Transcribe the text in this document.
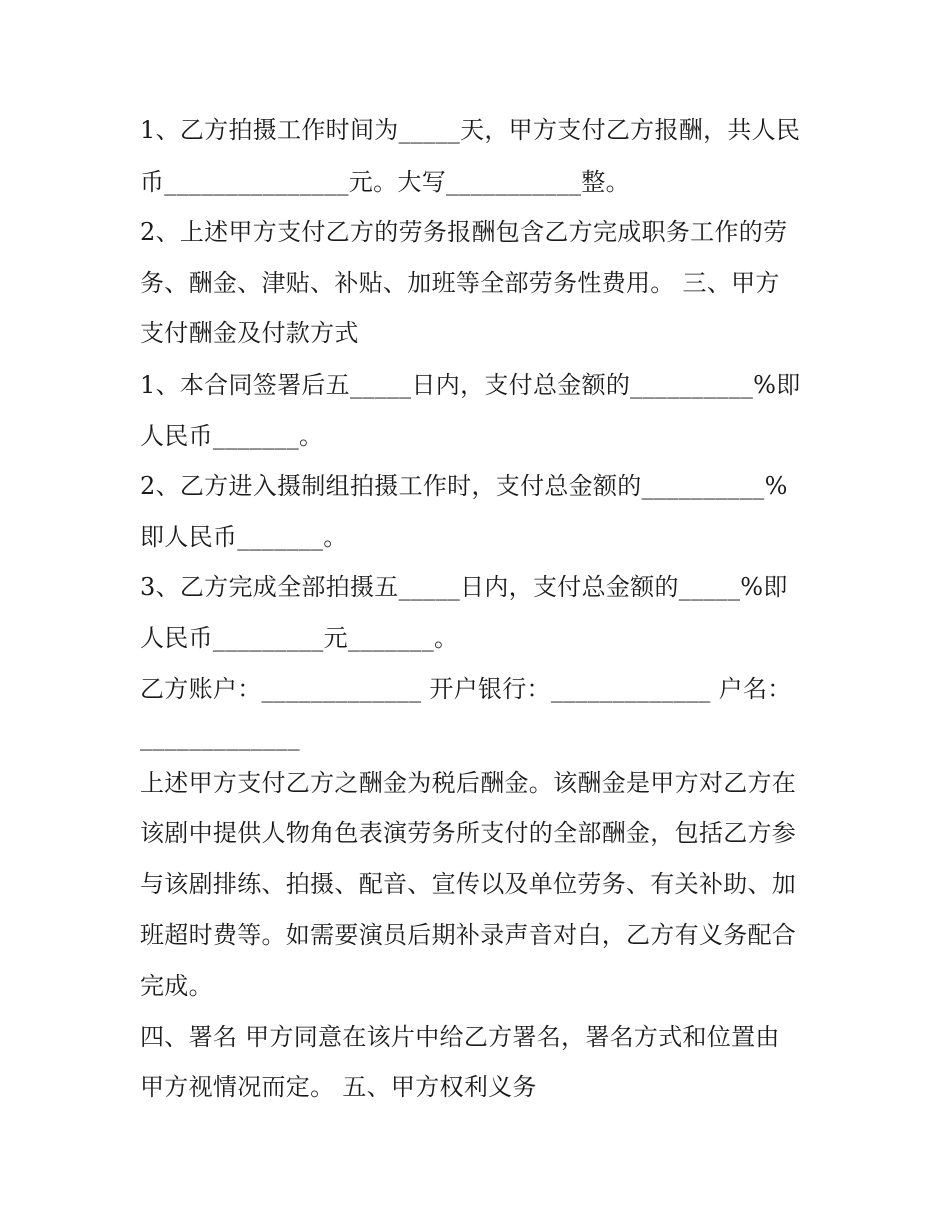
1、乙方拍摄工作时间为_____天，甲方支付乙方报酬，共人民
币_______________元。大写___________整。
2、上述甲方支付乙方的劳务报酬包含乙方完成职务工作的劳
务、酬金、津贴、补贴、加班等全部劳务性费用。 三、甲方
支付酬金及付款方式
1、本合同签署后五_____日内，支付总金额的__________%即
人民币_______。
2、乙方进入摄制组拍摄工作时，支付总金额的__________%
即人民币_______。
3、乙方完成全部拍摄五_____日内，支付总金额的_____%即
人民币_________元_______。
乙方账户：_____________ 开户银行：_____________ 户名：
_____________
上述甲方支付乙方之酬金为税后酬金。该酬金是甲方对乙方在
该剧中提供人物角色表演劳务所支付的全部酬金，包括乙方参
与该剧排练、拍摄、配音、宣传以及单位劳务、有关补助、加
班超时费等。如需要演员后期补录声音对白，乙方有义务配合
完成。
四、署名 甲方同意在该片中给乙方署名，署名方式和位置由
甲方视情况而定。 五、甲方权利义务
